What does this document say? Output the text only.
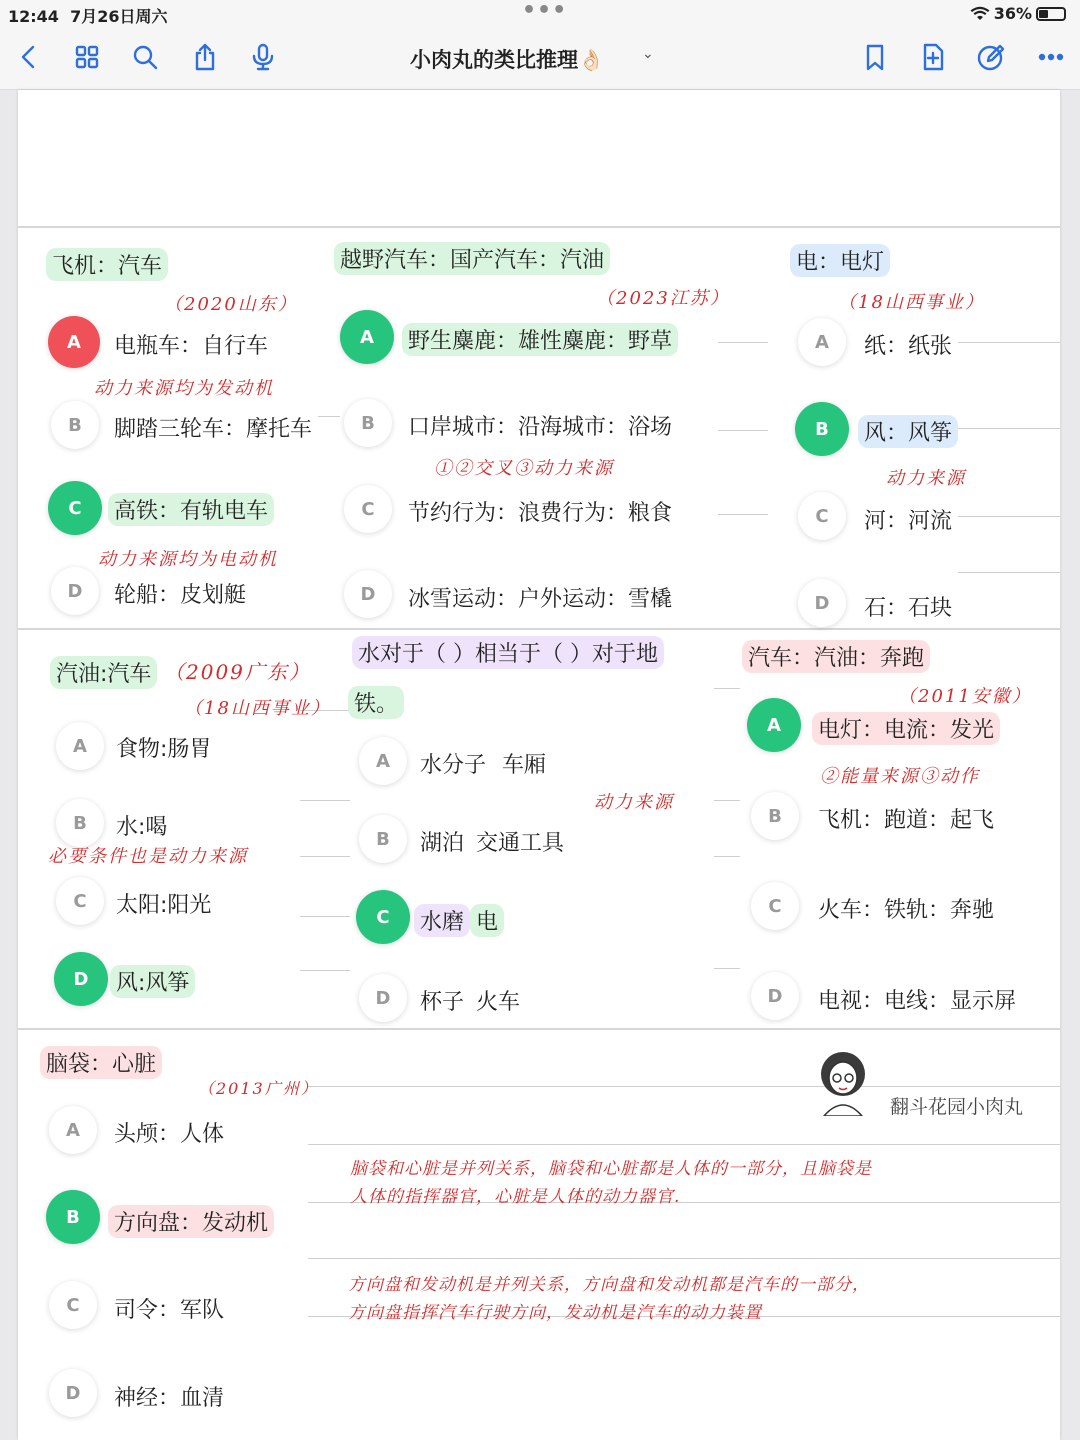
12:44 7月26日周六	•••	36%
小肉丸的类比推理👌🏻	⌄
飞机：汽车
（2020山东）
A	电瓶车：自行车
动力来源均为发动机
B	脚踏三轮车：摩托车
C	高铁：有轨电车
动力来源均为电动机
D	轮船：皮划艇
越野汽车：国产汽车：汽油
（2023江苏）
A	野生麋鹿：雄性麋鹿：野草
B	口岸城市：沿海城市：浴场
①②交叉③动力来源
C	节约行为：浪费行为：粮食
D	冰雪运动：户外运动：雪橇
电：电灯
（18山西事业）
A	纸：纸张
B	风：风筝
动力来源
C	河：河流
D	石：石块
汽油:汽车 （2009广东）
（18山西事业）
A	食物:肠胃
B	水:喝
必要条件也是动力来源
C	太阳:阳光
D	风:风筝
水对于（ ）相当于（ ）对于地
铁。
A	水分子 车厢
动力来源
B	湖泊 交通工具
C	水磨 电
D	杯子 火车
汽车：汽油：奔跑
（2011安徽）
A	电灯：电流：发光
②能量来源③动作
B	飞机：跑道：起飞
C	火车：铁轨：奔驰
D	电视：电线：显示屏
脑袋：心脏
（2013广州）
A	头颅：人体
B	方向盘：发动机
C	司令：军队
D	神经：血清
翻斗花园小肉丸
脑袋和心脏是并列关系，脑袋和心脏都是人体的一部分，且脑袋是
人体的指挥器官，心脏是人体的动力器官.
方向盘和发动机是并列关系，方向盘和发动机都是汽车的一部分，
方向盘指挥汽车行驶方向，发动机是汽车的动力装置
